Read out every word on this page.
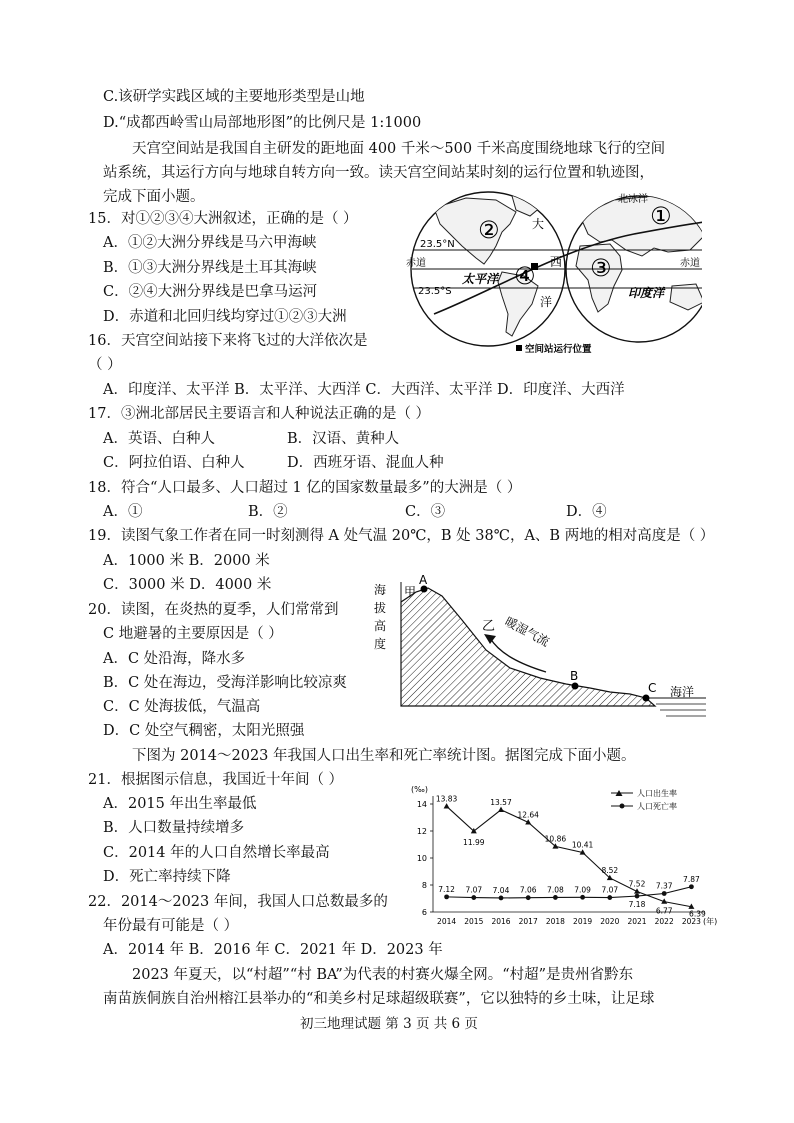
C.该研学实践区域的主要地形类型是山地
D.“成都西岭雪山局部地形图”的比例尺是 1:1000
天宫空间站是我国自主研发的距地面 400 千米～500 千米高度围绕地球飞行的空间
站系统，其运行方向与地球自转方向一致。读天宫空间站某时刻的运行位置和轨迹图，
完成下面小题。
15．对①②③④大洲叙述，正确的是（ ）
A．①②大洲分界线是马六甲海峡
B．①③大洲分界线是土耳其海峡
C．②④大洲分界线是巴拿马运河
D．赤道和北回归线均穿过①②③大洲
16．天宫空间站接下来将飞过的大洋依次是
（ ）
A．印度洋、太平洋 B．太平洋、大西洋 C．大西洋、太平洋 D．印度洋、大西洋
17．③洲北部居民主要语言和人种说法正确的是（ ）
A．英语、白种人	B．汉语、黄种人
C．阿拉伯语、白种人	D．西班牙语、混血人种
18．符合“人口最多、人口超过 1 亿的国家数量最多”的大洲是（ ）
A．①	B．②	C．③	D．④
19．读图气象工作者在同一时刻测得 A 处气温 20℃，B 处 38℃，A、B 两地的相对高度是（ ）
A．1000 米 B．2000 米
C．3000 米 D．4000 米
20．读图，在炎热的夏季，人们常常到
C 地避暑的主要原因是（ ）
A．C 处沿海，降水多
B．C 处在海边，受海洋影响比较凉爽
C．C 处海拔低，气温高
D．C 处空气稠密，太阳光照强
下图为 2014～2023 年我国人口出生率和死亡率统计图。据图完成下面小题。
21．根据图示信息，我国近十年间（ ）
A．2015 年出生率最低
B．人口数量持续增多
C．2014 年的人口自然增长率最高
D．死亡率持续下降
22．2014～2023 年间，我国人口总数最多的
年份最有可能是（ ）
A．2014 年 B．2016 年 C．2021 年 D．2023 年
2023 年夏天，以“村超”“村 BA”为代表的村赛火爆全网。“村超”是贵州省黔东
南苗族侗族自治州榕江县举办的“和美乡村足球超级联赛”，它以独特的乡土味，让足球
初三地理试题 第 3 页 共 6 页
②	①
③
④
大
西
洋
太平洋
印度洋
北冰洋
23.5°N
23.5°S
赤道	赤道
空间站运行位置
海
拔
高
度
A
甲
B
C
乙
海洋
暖湿气流
(‰)
(年)
6
8
10
12
14
2014 2015 2016 2017 2018 2019 2020 2021 2022 2023
13.83
11.99
13.57
12.64
10.86
10.41
8.52
7.52
6.77 6.39
7.12 7.07 7.04 7.06 7.08 7.09 7.07
7.18
7.37
7.87
人口出生率
人口死亡率
